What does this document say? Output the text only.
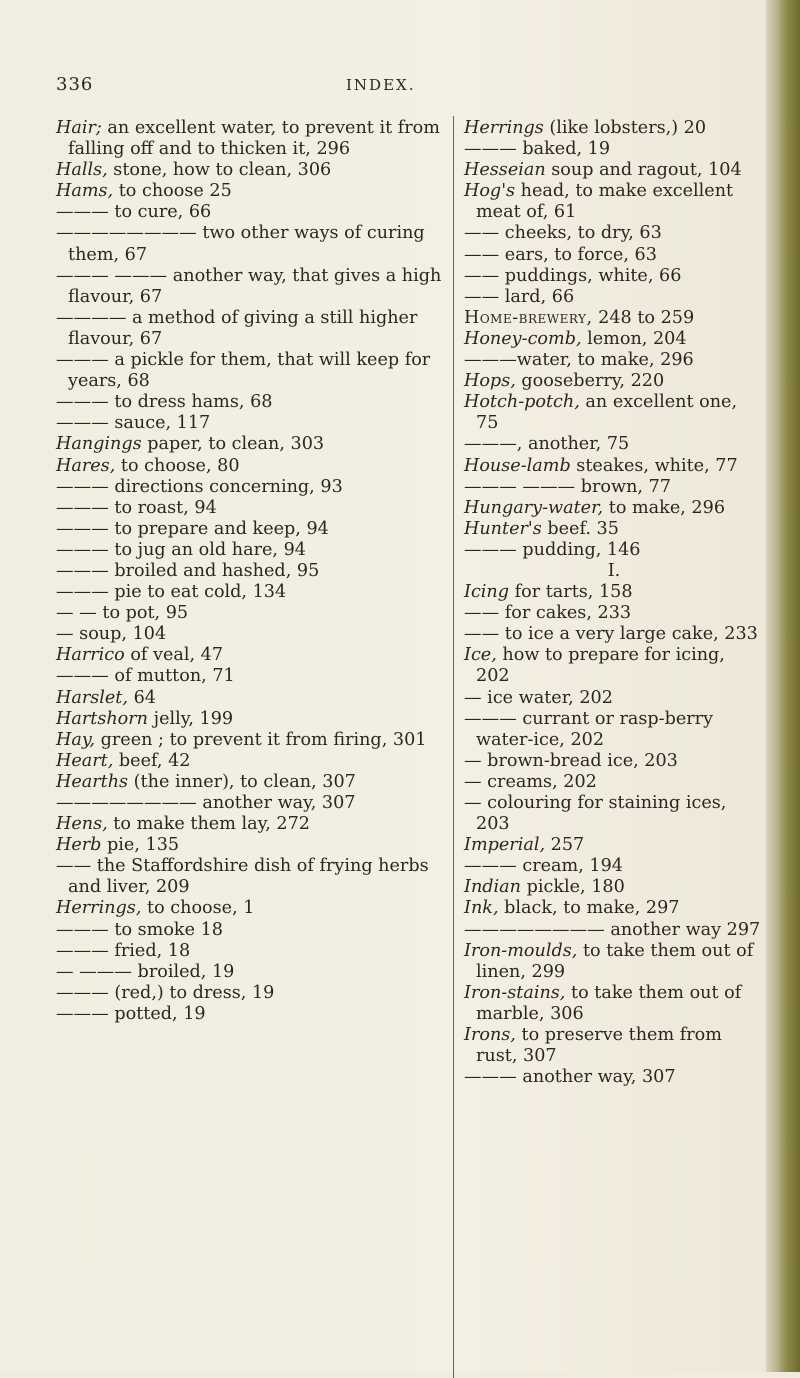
336	INDEX.
Hair; an excellent water, to prevent it from falling off and to thicken it, 296
Halls, stone, how to clean, 306
Hams, to choose 25
——— to cure, 66
———————— two other ways of curing them, 67
——— ——— another way, that gives a high flavour, 67
———— a method of giving a still higher flavour, 67
——— a pickle for them, that will keep for years, 68
——— to dress hams, 68
——— sauce, 117
Hangings paper, to clean, 303
Hares, to choose, 80
——— directions concerning, 93
——— to roast, 94
——— to prepare and keep, 94
——— to jug an old hare, 94
——— broiled and hashed, 95
——— pie to eat cold, 134
— — to pot, 95
— soup, 104
Harrico of veal, 47
——— of mutton, 71
Harslet, 64
Hartshorn jelly, 199
Hay, green ; to prevent it from firing, 301
Heart, beef, 42
Hearths (the inner), to clean, 307
———————— another way, 307
Hens, to make them lay, 272
Herb pie, 135
—— the Staffordshire dish of frying herbs and liver, 209
Herrings, to choose, 1
——— to smoke 18
——— fried, 18
— ——— broiled, 19
——— (red,) to dress, 19
——— potted, 19
Herrings (like lobsters,) 20
——— baked, 19
Hesseian soup and ragout, 104
Hog's head, to make excellent meat of, 61
—— cheeks, to dry, 63
—— ears, to force, 63
—— puddings, white, 66
—— lard, 66
Home-brewery, 248 to 259
Honey-comb, lemon, 204
———water, to make, 296
Hops, gooseberry, 220
Hotch-potch, an excellent one, 75
———, another, 75
House-lamb steakes, white, 77
——— ——— brown, 77
Hungary-water, to make, 296
Hunter's beef. 35
——— pudding, 146
I.
Icing for tarts, 158
—— for cakes, 233
—— to ice a very large cake, 233
Ice, how to prepare for icing, 202
— ice water, 202
——— currant or rasp-berry water-ice, 202
— brown-bread ice, 203
— creams, 202
— colouring for staining ices, 203
Imperial, 257
——— cream, 194
Indian pickle, 180
Ink, black, to make, 297
———————— another way 297
Iron-moulds, to take them out of linen, 299
Iron-stains, to take them out of marble, 306
Irons, to preserve them from rust, 307
——— another way, 307
